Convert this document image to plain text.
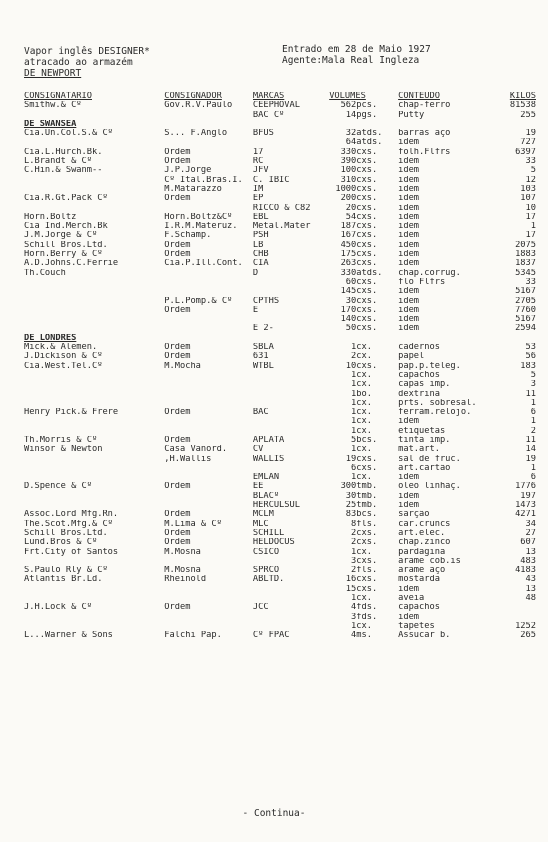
Vapor inglês DESIGNER*
atracado ao armazém
DE NEWPORT
Entrado em 28 de Maio 1927
Agente:Mala Real Ingleza
CONSIGNATARIO	CONSIGNADOR	MARCAS	VOLUMES		CONTEUDO	KILOS
Smithw.& Cº	Gov.R.V.Paulo	CEEPHOVAL	562	pcs.	chap-ferro	81538
		BAC Cº	14	pgs.	Putty	255
DE SWANSEA						
Cia.Un.Col.S.& Cº	S... F.Anglo	BFUS	32	atds.	barras aço	19
			64	atds.	idem	727
Cia.L.Hurch.Bk.	Ordem	17	330	cxs.	folh.Flfrs	6397
L.Brandt & Cº	Ordem	RC	390	cxs.	idem	33
C.Hin.& Swanm--	J.P.Jorge	JFV	100	cxs.	idem	5
	Cº Ital.Bras.I.	C. IBIC	310	cxs.	idem	12
	M.Matarazzo	IM	1000	cxs.	idem	103
Cia.R.Gt.Pack Cº	Ordem	EP	200	cxs.	idem	107
		RICCO & C82	20	cxs.	idem	10
Horn.Boltz	Horn.Boltz&Cº	EBL	54	cxs.	idem	17
Cia Ind.Merch.Bk	I.R.M.Materuz.	Metal.Mater	187	cxs.	idem	1
J.M.Jorge & Cº	F.Schamp.	PSH	167	cxs.	idem	17
Schill Bros.Ltd.	Ordem	LB	450	cxs.	idem	2075
Horn.Berry & Cº	Ordem	CHB	175	cxs.	idem	1883
A.D.Johns.C.Ferrie	Cia.P.Ill.Cont.	CIA	263	cxs.	idem	1837
Th.Couch		D	330	atds.	chap.corrug.	5345
			60	cxs.	flo Flfrs	33
			145	cxs.	idem	5167
	P.L.Pomp.& Cº	CPTHS	30	cxs.	idem	2705
	Ordem	E	170	cxs.	idem	7760
			140	cxs.	idem	5167
		E 2-	50	cxs.	idem	2594
DE LONDRES						
Mick.& Alemen.	Ordem	SBLA	1	cx.	cadernos	53
J.Dickison & Cº	Ordem	631	2	cx.	papel	56
Cia.West.Tel.Cº	M.Mocha	WTBL	10	cxs.	pap.p.teleg.	183
			1	cx.	capachos	5
			1	cx.	capas imp.	3
			1	bo.	dextrina	11
			1	cx.	prts. sobresal.	1
Henry Pick.& Frere	Ordem	BAC	1	cx.	ferram.relojo.	6
			1	cx.	idem	1
			1	cx.	etiquetas	2
Th.Morris & Cº	Ordem	APLATA	5	bcs.	tinta imp.	11
Winsor & Newton	Casa Vanord.	CV	1	cx.	mat.art.	14
	,H.Wallis	WALLIS	19	cxs.	sal de fruc.	19
			6	cxs.	art.cartão	1
		EMLAN	1	cx.	idem	6
D.Spence & Cº	Ordem	EE	300	tmb.	oleo linhaç.	1776
		BLACº	30	tmb.	idem	197
		HERCULSUL	25	tmb.	idem	1473
Assoc.Lord Mfg.Rn.	Ordem	MCLM	83	bcs.	sarção	4271
The.Scot.Mfg.& Cº	M.Lima & Cº	MLC	8	fls.	car.cruncs	34
Schill Bros.Ltd.	Ordem	SCHILL	2	cxs.	art.elec.	27
Lund.Bros & Cº	Ordem	HELDOCUS	2	cxs.	chap.zinco	607
Frt.City of Santos	M.Mosna	CSICO	1	cx.	pardagina	13
			3	cxs.	arame cob.is	483
S.Paulo Rly & Cº	M.Mosna	SPRCO	2	fls.	arame aço	4183
Atlantis Br.Ld.	Rheinold	ABLTD.	16	cxs.	mostarda	43
			15	cxs.	idem	13
			1	cx.	aveia	48
J.H.Lock & Cº	Ordem	JCC	4	fds.	capachos	
			3	fds.	idem	
			1	cx.	tapetes	1252
L...Warner & Sons	Falchi Pap.	Cº FPAC	4	ms.	Assucar b.	265
- Continua-
